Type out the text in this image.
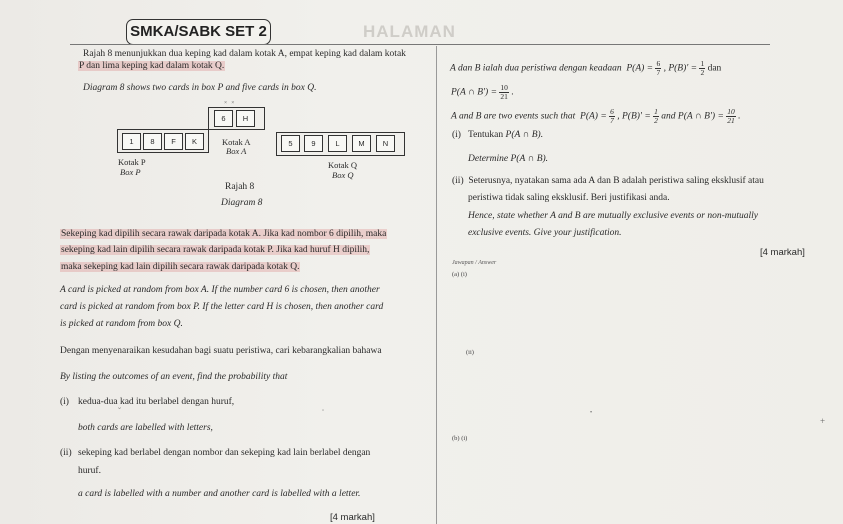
SMKA/SABK SET 2	HALAMAN
Rajah 8 menunjukkan dua keping kad dalam kotak A, empat keping kad dalam kotak
P dan lima keping kad dalam kotak Q.
Diagram 8 shows two cards in box P and five cards in box Q.
6	H
×   ×
Kotak A
Box A
1	8	F	K
Kotak P
Box P
5	9	L	M	N
Kotak Q
Box Q
Rajah 8
Diagram 8
Sekeping kad dipilih secara rawak daripada kotak A. Jika kad nombor 6 dipilih, maka
sekeping kad lain dipilih secara rawak daripada kotak P. Jika kad huruf H dipilih,
maka sekeping kad lain dipilih secara rawak daripada kotak Q.
A card is picked at random from box A. If the number card 6 is chosen, then another
card is picked at random from box P. If the letter card H is chosen, then another card
is picked at random from box Q.
Dengan menyenaraikan kesudahan bagi suatu peristiwa, cari kebarangkalian bahawa
By listing the outcomes of an event, find the probability that
(i) kedua-dua kad itu berlabel dengan huruf,
both cards are labelled with letters,
˘	ˇ
(ii) sekeping kad berlabel dengan nombor dan sekeping kad lain berlabel dengan
huruf.
a card is labelled with a number and another card is labelled with a letter.
[4 markah]
A dan B ialah dua peristiwa dengan keadaan $P(A) = \frac{6}{7}$ , $P(B)' = \frac{1}{2}$ dan
P(A ∩ $B') = \frac{10}{21}$ .
A and B are two events such that $P(A) = \frac{6}{7}$ , $P(B)' = \frac{1}{2}$ and P(A ∩ $B') = \frac{10}{21}$ .
(i) Tentukan P(A ∩ B).
Determine P(A ∩ B).
(ii) Seterusnya, nyatakan sama ada A dan B adalah peristiwa saling eksklusif atau
peristiwa tidak saling eksklusif. Beri justifikasi anda.
Hence, state whether A and B are mutually exclusive events or non-mutually
exclusive events. Give your justification.
[4 markah]
Jawapan / Answer
(a) (i)
(ii)
(b) (i)
•
+
